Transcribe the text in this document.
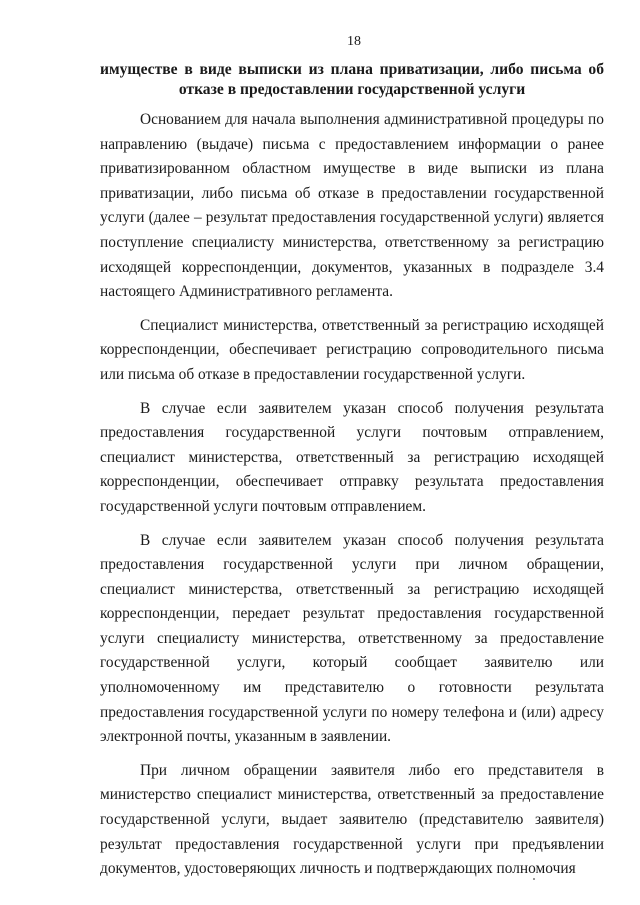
18
имуществе в виде выписки из плана приватизации, либо письма об отказе в предоставлении государственной услуги

Основанием для начала выполнения административной процедуры по направлению (выдаче) письма с предоставлением информации о ранее приватизированном областном имуществе в виде выписки из плана приватизации, либо письма об отказе в предоставлении государственной услуги (далее – результат предоставления государственной услуги) является поступление специалисту министерства, ответственному за регистрацию исходящей корреспонденции, документов, указанных в подразделе 3.4 настоящего Административного регламента.

Специалист министерства, ответственный за регистрацию исходящей корреспонденции, обеспечивает регистрацию сопроводительного письма или письма об отказе в предоставлении государственной услуги.

В случае если заявителем указан способ получения результата предоставления государственной услуги почтовым отправлением, специалист министерства, ответственный за регистрацию исходящей корреспонденции, обеспечивает отправку результата предоставления государственной услуги почтовым отправлением.

В случае если заявителем указан способ получения результата предоставления государственной услуги при личном обращении, специалист министерства, ответственный за регистрацию исходящей корреспонденции, передает результат предоставления государственной услуги специалисту министерства, ответственному за предоставление государственной услуги, который сообщает заявителю или уполномоченному им представителю о готовности результата предоставления государственной услуги по номеру телефона и (или) адресу электронной почты, указанным в заявлении.

При личном обращении заявителя либо его представителя в министерство специалист министерства, ответственный за предоставление государственной услуги, выдает заявителю (представителю заявителя) результат предоставления государственной услуги при предъявлении документов, удостоверяющих личность и подтверждающих полномочия
